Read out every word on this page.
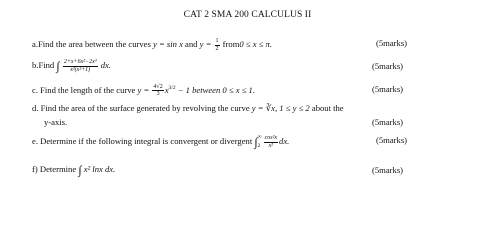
CAT 2 SMA 200 CALCULUS II
a.Find the area between the curves y = sin x and $y = \frac{1}{2}$ from0 ≤ x ≤ π.	(5marks)
b.Find ∫ $\frac{\text{2+x+6x²−2x³}}{\text{x²(x²+1)}}$ dx.	(5marks)
c. Find the length of the curve $y = \frac{4√2}{3} x^{3/2} - 1$ between 0 ≤ x ≤ 1.	(5marks)
d. Find the area of the surface generated by revolving the curve y = ∛x, 1 ≤ y ≤ 2 about the
y-axis.	(5marks)
e. Determine if the following integral is convergent or divergent ∫ ∞
$2 \frac{\text{cos²x}}{\text{x²}}$ dx.	(5marks)
f) Determine ∫ x² lnx dx.	(5marks)
